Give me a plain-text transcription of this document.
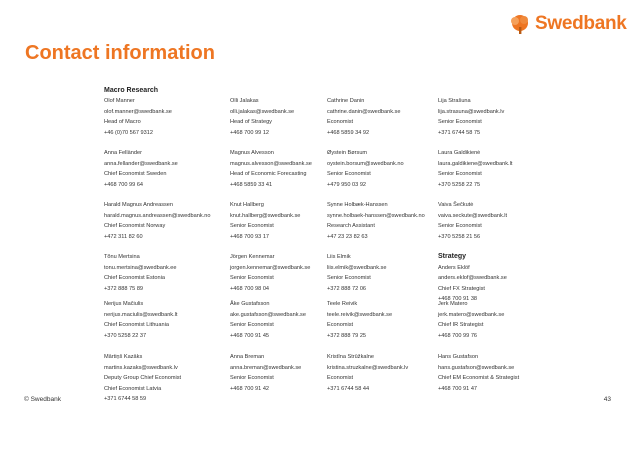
Swedbank
Contact information
Macro Research
Olof Manner
olof.manner@swedbank.se
Head of Macro
+46 (0)70 567 9312
Anna Felländer
anna.fellander@swedbank.se
Chief Economist Sweden
+468 700 99 64
Harald Magnus Andreassen
harald.magnus.andreassen@swedbank.no
Chief Economist Norway
+472 311 82 60
Tõnu Mertsina
tonu.mertsina@swedbank.ee
Chief Economist Estonia
+372 888 75 89
Nerijus Mačiulis
nerijus.maciulis@swedbank.lt
Chief Economist Lithuania
+370 5258 22 37
Mārtiņš Kazāks
martins.kazaks@swedbank.lv
Deputy Group Chief Economist
Chief Economist Latvia
+371 6744 58 59
Olli Jalakas
olli.jalakas@swedbank.se
Head of Strategy
+468 700 99 12
Magnus Alvesson
magnus.alvesson@swedbank.se
Head of Economic Forecasting
+468 5859 33 41
Knut Hallberg
knut.hallberg@swedbank.se
Senior Economist
+468 700 93 17
Jörgen Kennemar
jorgen.kennemar@swedbank.se
Senior Economist
+468 700 98 04
Åke Gustafsson
ake.gustafsson@swedbank.se
Senior Economist
+468 700 91 45
Anna Breman
anna.breman@swedbank.se
Senior Economist
+468 700 91 42
Cathrine Danin
cathrine.danin@swedbank.se
Economist
+468 5859 34 92
Øystein Børsum
oystein.borsum@swedbank.no
Senior Economist
+479 950 03 92
Synne Holbæk-Hanssen
synne.holbaek-hanssen@swedbank.no
Research Assistant
+47 23 23 82 63
Liis Elmik
liis.elmik@swedbank.se
Senior Economist
+372 888 72 06
Teele Reivik
teele.reivik@swedbank.se
Economist
+372 888 79 25
Kristīna Strūžkalne
kristina.struzkalne@swedbank.lv
Economist
+371 6744 58 44
Lija Strašuna
lija.strasuna@swedbank.lv
Senior Economist
+371 6744 58 75
Laura Galdikienė
laura.galdikiene@swedbank.lt
Senior Economist
+370 5258 22 75
Vaiva Šečkutė
vaiva.seckute@swedbank.lt
Senior Economist
+370 5258 21 56
Strategy
Anders Eklöf
anders.eklof@swedbank.se
Chief FX Strategist
+468 700 91 38
Jerk Matero
jerk.matero@swedbank.se
Chief IR Strategist
+468 700 99 76
Hans Gustafson
hans.gustafson@swedbank.se
Chief EM Economist & Strategist
+468 700 91 47
© Swedbank	43
